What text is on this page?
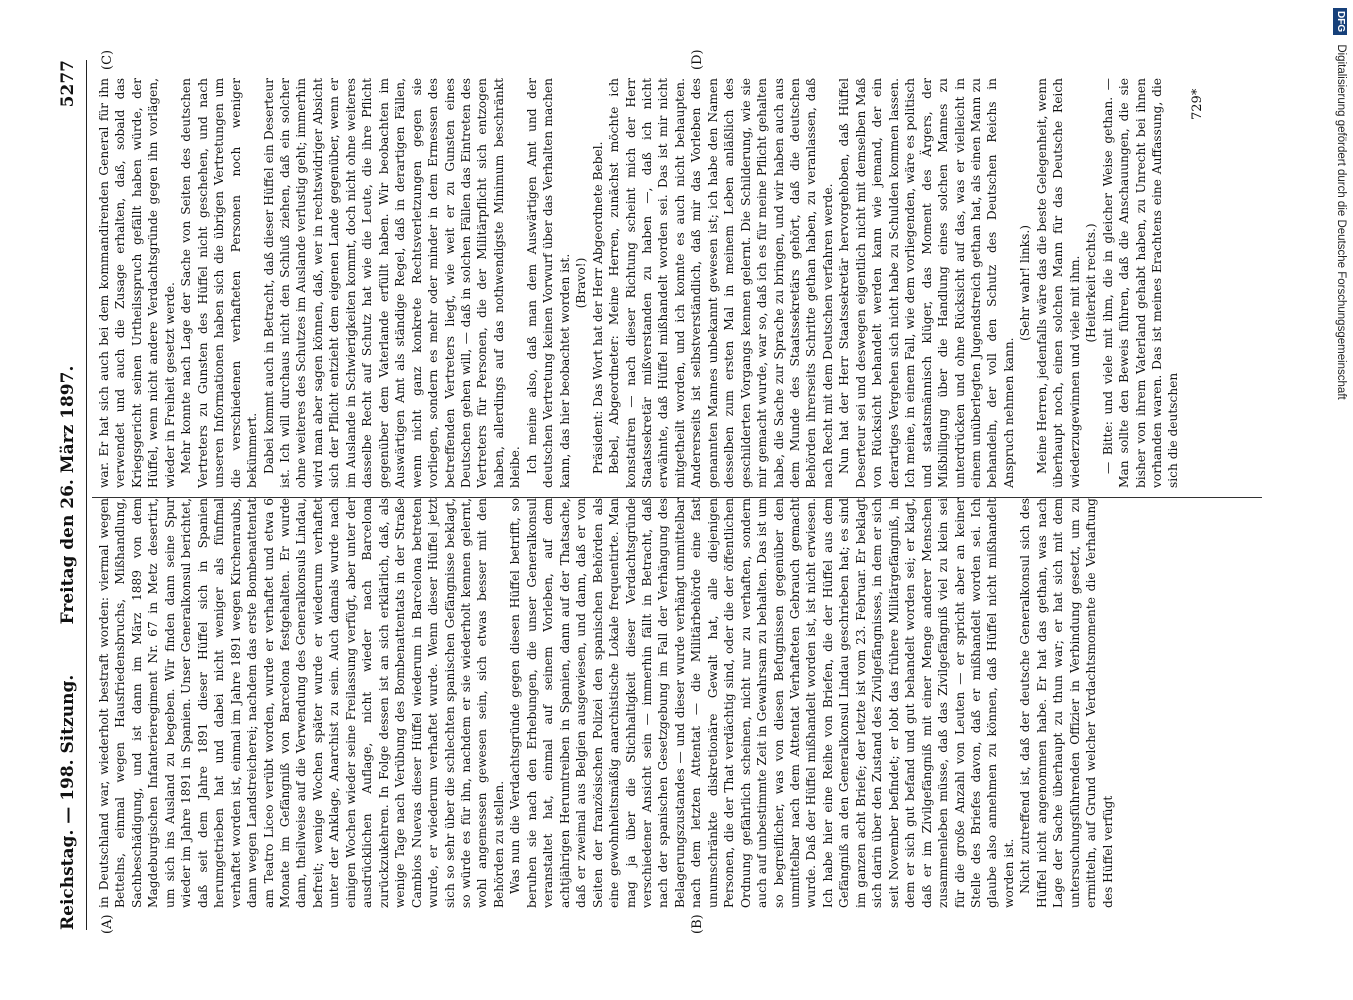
Reichstag. — 198. Sitzung.
Freitag den 26. März 1897.
5277
(A)	(B)
(C)	(D)

in Deutschland war, wiederholt bestraft worden: viermal wegen Bettelns, einmal wegen Hausfriedensbruchs, Mißhandlung, Sachbeschädigung, und ist dann im März 1889 von dem Magdeburgischen Infanterieregiment Nr. 67 in Metz desertirt, um sich ins Ausland zu begeben. Wir finden dann seine Spur wieder im Jahre 1891 in Spanien. Unser Generalkonsul berichtet, daß seit dem Jahre 1891 dieser Hüffel sich in Spanien herumgetrieben hat und dabei nicht weniger als fünfmal verhaftet worden ist, einmal im Jahre 1891 wegen Kirchenraubs, dann wegen Landstreicherei; nachdem das erste Bombenattentat am Teatro Liceo verübt worden, wurde er verhaftet und etwa 6 Monate im Gefängniß von Barcelona festgehalten. Er wurde dann, theilweise auf die Verwendung des Generalkonsuls Lindau, befreit; wenige Wochen später wurde er wiederum verhaftet unter der Anklage, Anarchist zu sein. Auch damals wurde nach einigen Wochen wieder seine Freilassung verfügt, aber unter der ausdrücklichen Auflage, nicht wieder nach Barcelona zurückzukehren. In Folge dessen ist an sich erklärlich, daß, als wenige Tage nach Verübung des Bombenattentats in der Straße Cambios Nuevas dieser Hüffel wiederum in Barcelona betreten wurde, er wiederum verhaftet wurde. Wenn dieser Hüffel jetzt sich so sehr über die schlechten spanischen Gefängnisse beklagt, so würde es für ihn, nachdem er sie wiederholt kennen gelernt, wohl angemessen gewesen sein, sich etwas besser mit den Behörden zu stellen. Was nun die Verdachtsgründe gegen diesen Hüffel betrifft, so beruhen sie nach den Erhebungen, die unser Generalkonsul veranstaltet hat, einmal auf seinem Vorleben, auf dem achtjährigen Herumtreiben in Spanien, dann auf der Thatsache, daß er zweimal aus Belgien ausgewiesen, und dann, daß er von Seiten der französischen Polizei den spanischen Behörden als eine gewohnheitsmäßig anarchistische Lokale frequentirte. Man mag ja über die Stichhaltigkeit dieser Verdachtsgründe verschiedener Ansicht sein — immerhin fällt in Betracht, daß nach der spanischen Gesetzgebung im Fall der Verhängung des Belagerungszustandes — und dieser wurde verhängt unmittelbar nach dem letzten Attentat — die Militärbehörde eine fast unumschränkte diskretionäre Gewalt hat, alle diejenigen Personen, die der That verdächtig sind, oder die der öffentlichen Ordnung gefährlich scheinen, nicht nur zu verhaften, sondern auch auf unbestimmte Zeit in Gewahrsam zu behalten. Das ist um so begreiflicher, was von diesen Befugnissen gegenüber den unmittelbar nach dem Attentat Verhafteten Gebrauch gemacht wurde. Daß der Hüffel mißhandelt worden ist, ist nicht erwiesen. Ich habe hier eine Reihe von Briefen, die der Hüffel aus dem Gefängniß an den Generalkonsul Lindau geschrieben hat; es sind im ganzen acht Briefe; der letzte ist vom 23. Februar. Er beklagt sich darin über den Zustand des Zivilgefängnisses, in dem er sich seit November befindet; er lobt das frühere Militärgefängniß, in dem er sich gut befand und gut behandelt worden sei; er klagt, daß er im Zivilgefängniß mit einer Menge anderer Menschen zusammenleben müsse, daß das Zivilgefängniß viel zu klein sei für die große Anzahl von Leuten — er spricht aber an keiner Stelle des Briefes davon, daß er mißhandelt worden sei. Ich glaube also annehmen zu können, daß Hüffel nicht mißhandelt worden ist. Nicht zutreffend ist, daß der deutsche Generalkonsul sich des Hüffel nicht angenommen habe. Er hat das gethan, was nach Lage der Sache überhaupt zu thun war; er hat sich mit dem untersuchungsführenden Offizier in Verbindung gesetzt, um zu ermitteln, auf Grund welcher Verdachtsmomente die Verhaftung des Hüffel verfügt

war. Er hat sich auch bei dem kommandirenden General für ihn verwendet und auch die Zusage erhalten, daß, sobald das Kriegsgericht seinen Urtheilsspruch gefällt haben würde, der Hüffel, wenn nicht andere Verdachtsgründe gegen ihn vorlägen, wieder in Freiheit gesetzt werde. Mehr konnte nach Lage der Sache von Seiten des deutschen Vertreters zu Gunsten des Hüffel nicht geschehen, und nach unseren Informationen haben sich die übrigen Vertretungen um die verschiedenen verhafteten Personen noch weniger bekümmert. Dabei kommt auch in Betracht, daß dieser Hüffel ein Deserteur ist. Ich will durchaus nicht den Schluß ziehen, daß ein solcher ohne weiteres des Schutzes im Auslande verlustig geht; immerhin wird man aber sagen können, daß, wer in rechtswidriger Absicht sich der Pflicht entzieht dem eigenen Lande gegenüber, wenn er im Auslande in Schwierigkeiten kommt, doch nicht ohne weiteres dasselbe Recht auf Schutz hat wie die Leute, die ihre Pflicht gegenüber dem Vaterlande erfüllt haben. Wir beobachten im Auswärtigen Amt als ständige Regel, daß in derartigen Fällen, wenn nicht ganz konkrete Rechtsverletzungen gegen sie vorliegen, sondern es mehr oder minder in dem Ermessen des betreffenden Vertreters liegt, wie weit er zu Gunsten eines Deutschen gehen will, — daß in solchen Fällen das Eintreten des Vertreters für Personen, die der Militärpflicht sich entzogen haben, allerdings auf das nothwendigste Minimum beschränkt bleibe. Ich meine also, daß man dem Auswärtigen Amt und der deutschen Vertretung keinen Vorwurf über das Verhalten machen kann, das hier beobachtet worden ist. (Bravo!) Präsident: Das Wort hat der Herr Abgeordnete Bebel. Bebel, Abgeordneter: Meine Herren, zunächst möchte ich konstatiren — nach dieser Richtung scheint mich der Herr Staatssekretär mißverstanden zu haben —, daß ich nicht erwähnte, daß Hüffel mißhandelt worden sei. Das ist mir nicht mitgetheilt worden, und ich konnte es auch nicht behaupten. Andererseits ist selbstverständlich, daß mir das Vorleben des genannten Mannes unbekannt gewesen ist; ich habe den Namen desselben zum ersten Mal in meinem Leben anläßlich des geschilderten Vorgangs kennen gelernt. Die Schilderung, wie sie mir gemacht wurde, war so, daß ich es für meine Pflicht gehalten habe, die Sache zur Sprache zu bringen, und wir haben auch aus dem Munde des Staatssekretärs gehört, daß die deutschen Behörden ihrerseits Schritte gethan haben, zu veranlassen, daß nach Recht mit dem Deutschen verfahren werde. Nun hat der Herr Staatssekretär hervorgehoben, daß Hüffel Deserteur sei und deswegen eigentlich nicht mit demselben Maß von Rücksicht behandelt werden kann wie jemand, der ein derartiges Vergehen sich nicht habe zu Schulden kommen lassen. Ich meine, in einem Fall, wie dem vorliegenden, wäre es politisch und staatsmännisch klüger, das Moment des Ärgers, der Mißbilligung über die Handlung eines solchen Mannes zu unterdrücken und ohne Rücksicht auf das, was er vielleicht in einem unüberlegten Jugendstreich gethan hat, als einen Mann zu behandeln, der voll den Schutz des Deutschen Reichs in Anspruch nehmen kann.

(Sehr wahr! links.) Meine Herren, jedenfalls wäre das die beste Gelegenheit, wenn überhaupt noch, einen solchen Mann für das Deutsche Reich wiederzugewinnen und viele mit ihm. (Heiterkeit rechts.) — Bitte: und viele mit ihm, die in gleicher Weise gethan. — Man sollte den Beweis führen, daß die Anschauungen, die sie bisher von ihrem Vaterland gehabt haben, zu Unrecht bei ihnen vorhanden waren. Das ist meines Erachtens eine Auffassung, die sich die deutschen

729*
DFG Digitalisierung gefördert durch die Deutsche Forschungsgemeinschaft
